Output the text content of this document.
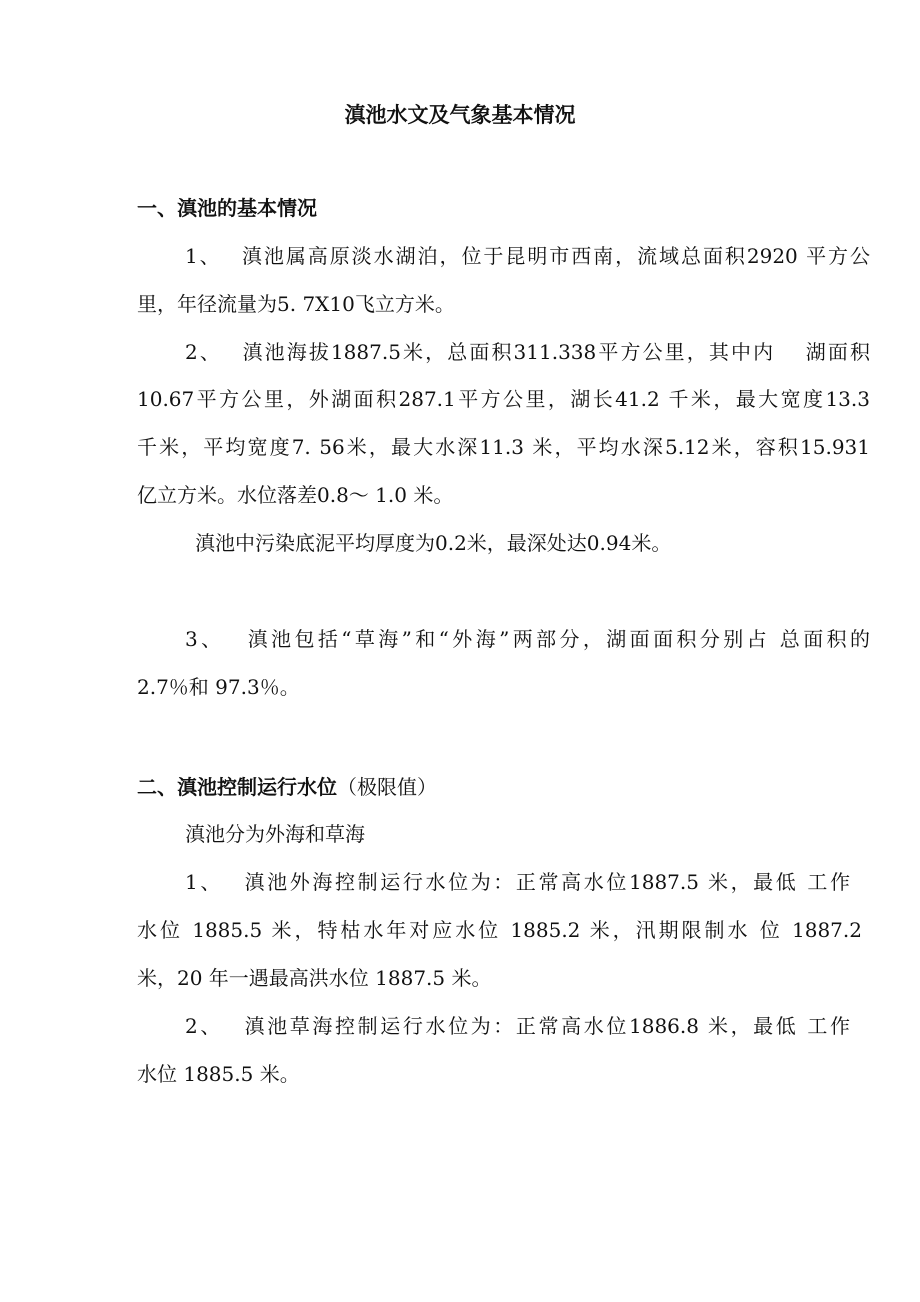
滇池水文及气象基本情况
一、滇池的基本情况
1、　 滇池属高原淡水湖泊，位于昆明市西南，流域总面积2920 平方公
里，年径流量为5. 7X10飞立方米。
2、　 滇池海拔1887.5米，总面积311.338平方公里，其中内　 湖面积
10.67平方公里，外湖面积287.1平方公里，湖长41.2 千米，最大宽度13.3
千米，平均宽度7. 56米，最大水深11.3 米，平均水深5.12米，容积15.931
亿立方米。水位落差0.8〜 1.0 米。
滇池中污染底泥平均厚度为0.2米，最深处达0.94米。
3、　 滇池包括“草海”和“外海”两部分，湖面面积分别占 总面积的
2.7％和 97.3％。
二、滇池控制运行水位（极限值）
滇池分为外海和草海
1、　 滇池外海控制运行水位为：正常高水位1887.5 米，最低 工作
水位 1885.5 米，特枯水年对应水位 1885.2 米，汛期限制水 位 1887.2
米，20 年一遇最高洪水位 1887.5 米。
2、　 滇池草海控制运行水位为：正常高水位1886.8 米，最低 工作
水位 1885.5 米。
